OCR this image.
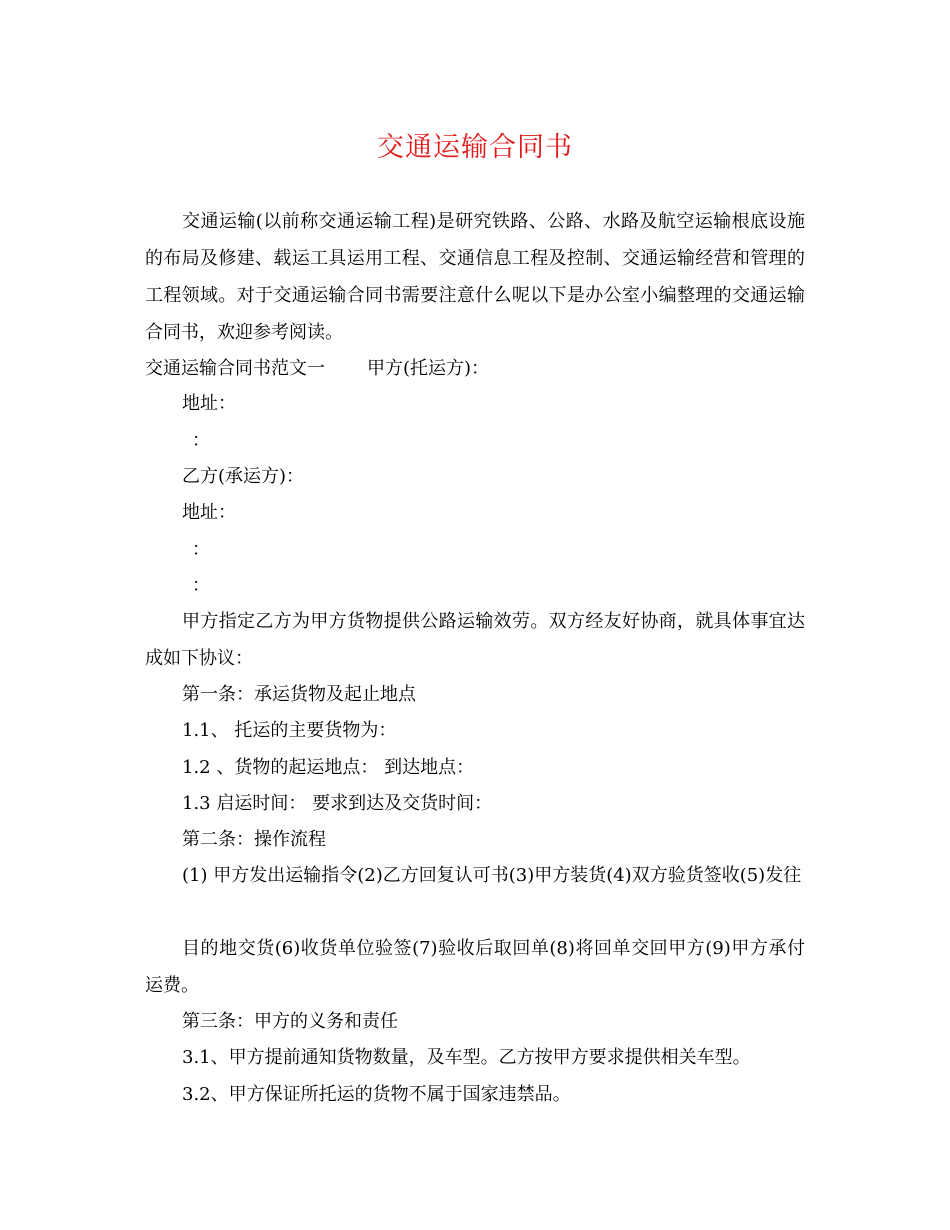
交通运输合同书

交通运输(以前称交通运输工程)是研究铁路、公路、水路及航空运输根底设施的布局及修建、载运工具运用工程、交通信息工程及控制、交通运输经营和管理的工程领域。对于交通运输合同书需要注意什么呢以下是办公室小编整理的交通运输合同书，欢迎参考阅读。

交通运输合同书范文一 甲方(托运方)：

地址：

：

乙方(承运方)：

地址：

：

：

甲方指定乙方为甲方货物提供公路运输效劳。双方经友好协商，就具体事宜达成如下协议：

第一条：承运货物及起止地点

1.1、 托运的主要货物为：

1.2 、货物的起运地点： 到达地点：

1.3 启运时间： 要求到达及交货时间：

第二条：操作流程

(1) 甲方发出运输指令(2)乙方回复认可书(3)甲方装货(4)双方验货签收(5)发往

目的地交货(6)收货单位验签(7)验收后取回单(8)将回单交回甲方(9)甲方承付运费。

第三条：甲方的义务和责任

3.1、甲方提前通知货物数量，及车型。乙方按甲方要求提供相关车型。

3.2、甲方保证所托运的货物不属于国家违禁品。
